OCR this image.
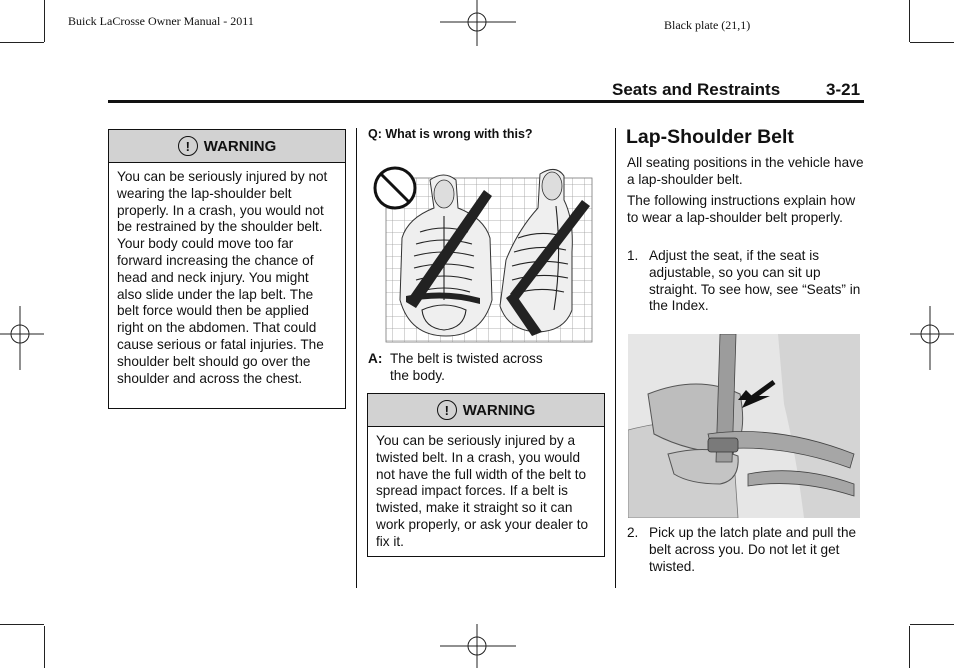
Buick LaCrosse Owner Manual - 2011	Black plate (21,1)
Seats and Restraints	3-21
! WARNING
You can be seriously injured by not wearing the lap-shoulder belt properly. In a crash, you would not be restrained by the shoulder belt. Your body could move too far forward increasing the chance of head and neck injury. You might also slide under the lap belt. The belt force would then be applied right on the abdomen. That could cause serious or fatal injuries. The shoulder belt should go over the shoulder and across the chest.
Q: What is wrong with this?
A: The belt is twisted across
the body.
! WARNING
You can be seriously injured by a twisted belt. In a crash, you would not have the full width of the belt to spread impact forces. If a belt is twisted, make it straight so it can work properly, or ask your dealer to fix it.
Lap-Shoulder Belt
All seating positions in the vehicle have a lap-shoulder belt.
The following instructions explain how to wear a lap-shoulder belt properly.
1. Adjust the seat, if the seat is adjustable, so you can sit up straight. To see how, see “Seats” in the Index.
2. Pick up the latch plate and pull the belt across you. Do not let it get twisted.
